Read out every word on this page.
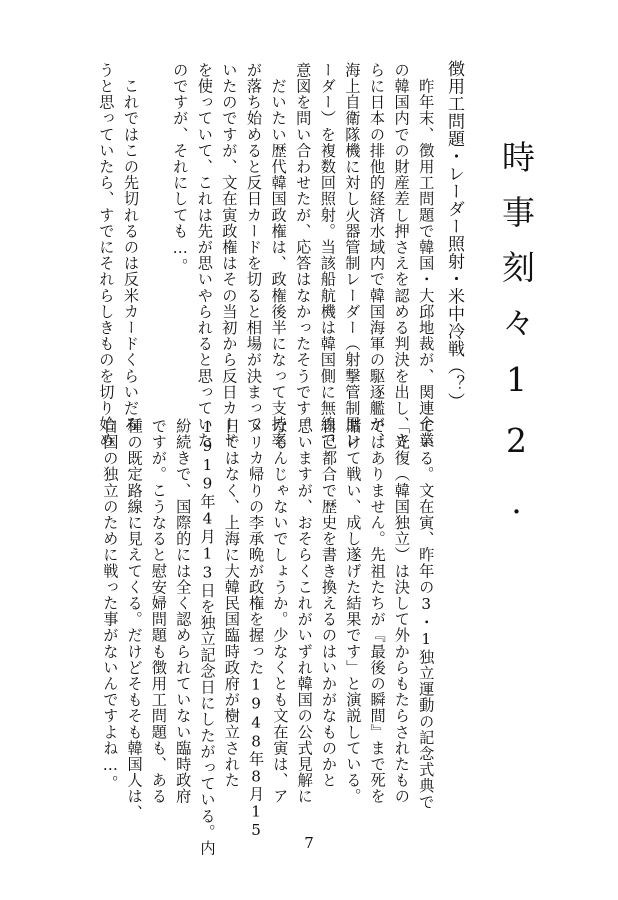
時事刻々12.
徴用工問題・レーダー照射・米中冷戦（？）
　昨年末、徴用工問題で韓国・大邱地裁が、関連企業
の韓国内での財産差し押さえを認める判決を出し、さ
らに日本の排他的経済水域内で韓国海軍の駆逐艦が、
海上自衛隊機に対し火器管制レーダー（射撃管制用レ
ーダー）を複数回照射。当該船航機は韓国側に無線で
意図を問い合わせたが、応答はなかったそうです。
　だいたい歴代韓国政権は、政権後半になって支持率
が落ち始めると反日カードを切ると相場が決まって
いたのですが、文在寅政権はその当初から反日カード
を使っていて、これは先が思いやられると思っていた
のですが、それにしても…。
　これではこの先切れるのは反米カードくらいだろ
うと思っていたら、すでにそれらしきものを切り始め
ている。文在寅、昨年の3・1独立運動の記念式典で
「光復（韓国独立）は決して外からもたらされたもの
ではありません。先祖たちが『最後の瞬間』まで死を
賭けて戦い、成し遂げた結果です」と演説している。
自己都合で歴史を書き換えるのはいかがなものかと
思いますが、おそらくこれがいずれ韓国の公式見解に
なるんじゃないでしょうか。少なくとも文在寅は、ア
メリカ帰りの李承晩が政権を握った1948年8月15
日ではなく、上海に大韓民国臨時政府が樹立された
1919年4月13日を独立記念日にしたがっている。内
紛続きで、国際的には全く認められていない臨時政府
ですが。こうなると慰安婦問題も徴用工問題も、ある
種の既定路線に見えてくる。だけどそもそも韓国人は、
自国の独立のために戦った事がないんですよね…。
7
